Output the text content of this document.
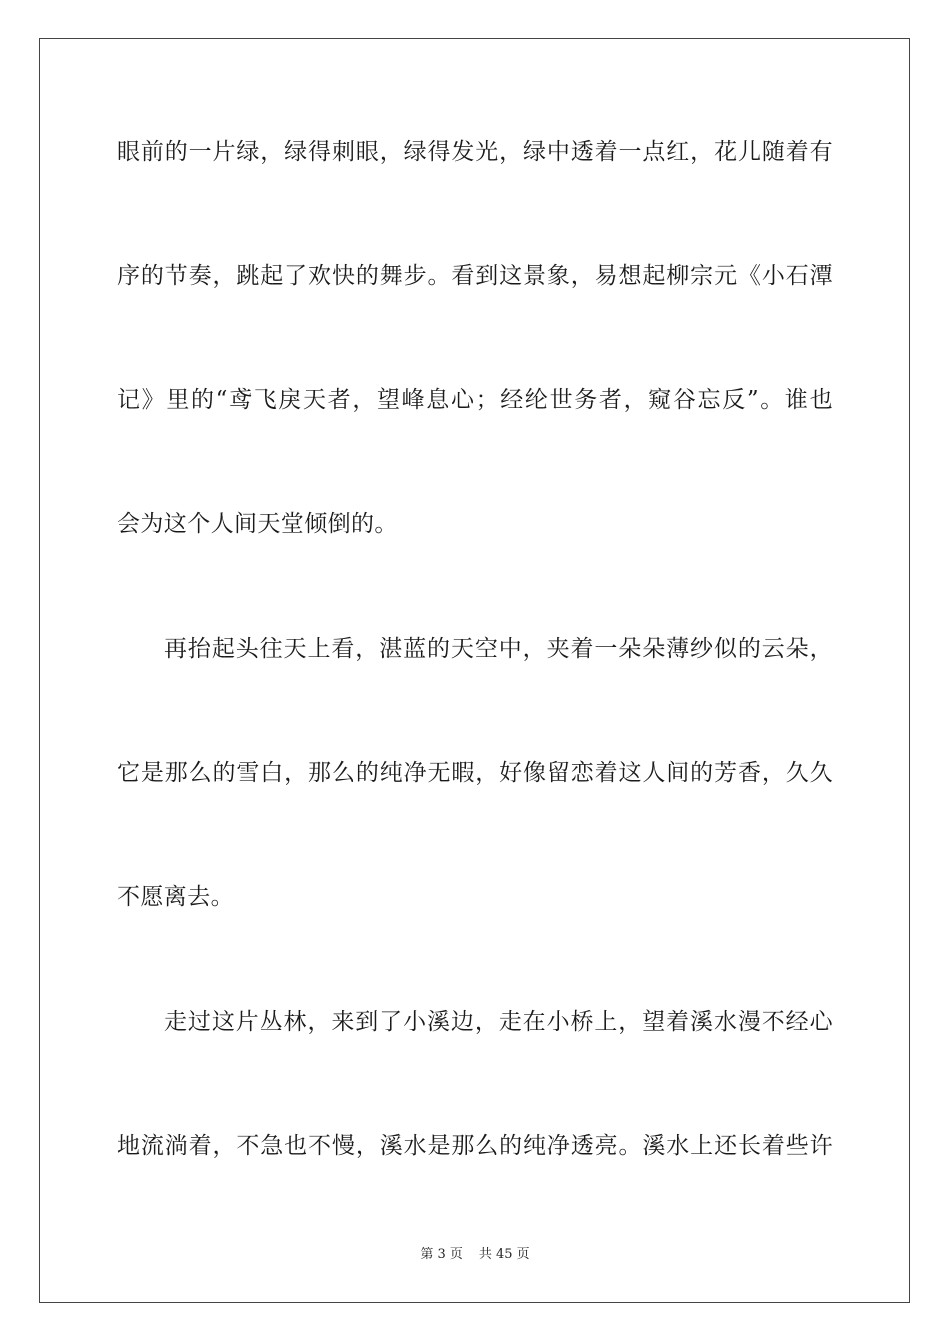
眼前的一片绿，绿得刺眼，绿得发光，绿中透着一点红，花儿随着有
序的节奏，跳起了欢快的舞步。看到这景象，易想起柳宗元《小石潭
记》里的“鸢飞戾天者，望峰息心；经纶世务者，窥谷忘反”。谁也
会为这个人间天堂倾倒的。
再抬起头往天上看，湛蓝的天空中，夹着一朵朵薄纱似的云朵，
它是那么的雪白，那么的纯净无暇，好像留恋着这人间的芳香，久久
不愿离去。
走过这片丛林，来到了小溪边，走在小桥上，望着溪水漫不经心
地流淌着，不急也不慢，溪水是那么的纯净透亮。溪水上还长着些许
第 3 页 共 45 页
